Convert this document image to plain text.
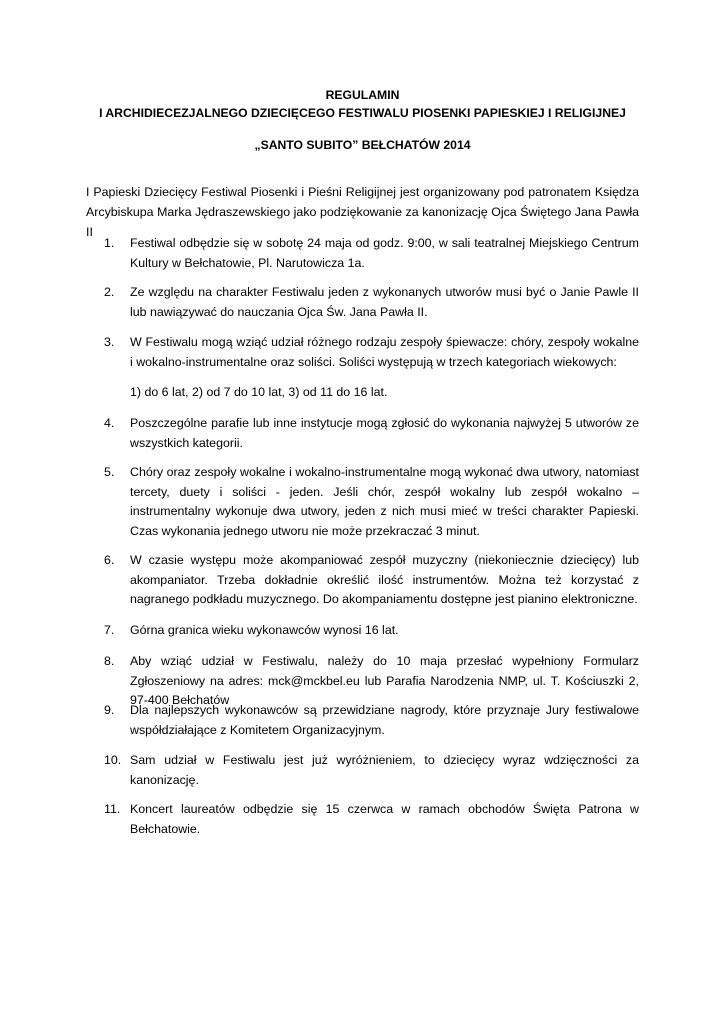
REGULAMIN
I ARCHIDIECEZJALNEGO DZIECIĘCEGO FESTIWALU PIOSENKI PAPIESKIEJ I RELIGIJNEJ
„SANTO SUBITO” BEŁCHATÓW 2014
I Papieski Dziecięcy Festiwal Piosenki i Pieśni Religijnej jest organizowany pod patronatem Księdza Arcybiskupa Marka Jędraszewskiego jako podziękowanie za kanonizację Ojca Świętego Jana Pawła II
1.	Festiwal odbędzie się w sobotę 24 maja od godz. 9:00, w sali teatralnej Miejskiego Centrum Kultury w Bełchatowie, Pl. Narutowicza 1a.
2.	Ze względu na charakter Festiwalu jeden z wykonanych utworów musi być o Janie Pawle II lub nawiązywać do nauczania Ojca Św. Jana Pawła II.
3.	W Festiwalu mogą wziąć udział różnego rodzaju zespoły śpiewacze: chóry, zespoły wokalne i wokalno-instrumentalne oraz soliści. Soliści występują w trzech kategoriach wiekowych:
1) do 6 lat, 2) od 7 do 10 lat, 3) od 11 do 16 lat.
4.	Poszczególne parafie lub inne instytucje mogą zgłosić do wykonania najwyżej 5 utworów ze wszystkich kategorii.
5.	Chóry oraz zespoły wokalne i wokalno-instrumentalne mogą wykonać dwa utwory, natomiast tercety, duety i soliści - jeden. Jeśli chór, zespół wokalny lub zespół wokalno – instrumentalny wykonuje dwa utwory, jeden z nich musi mieć w treści charakter Papieski. Czas wykonania jednego utworu nie może przekraczać 3 minut.
6.	W czasie występu może akompaniować zespół muzyczny (niekoniecznie dziecięcy) lub akompaniator. Trzeba dokładnie określić ilość instrumentów. Można też korzystać z nagranego podkładu muzycznego. Do akompaniamentu dostępne jest pianino elektroniczne.
7.	Górna granica wieku wykonawców wynosi 16 lat.
8.	Aby wziąć udział w Festiwalu, należy do 10 maja przesłać wypełniony Formularz Zgłoszeniowy na adres: mck@mckbel.eu lub Parafia Narodzenia NMP, ul. T. Kościuszki 2, 97-400 Bełchatów
9.	Dla najlepszych wykonawców są przewidziane nagrody, które przyznaje Jury festiwalowe współdziałające z Komitetem Organizacyjnym.
10. Sam udział w Festiwalu jest już wyróżnieniem, to dziecięcy wyraz wdzięczności za kanonizację.
11. Koncert laureatów odbędzie się 15 czerwca w ramach obchodów Święta Patrona w Bełchatowie.
